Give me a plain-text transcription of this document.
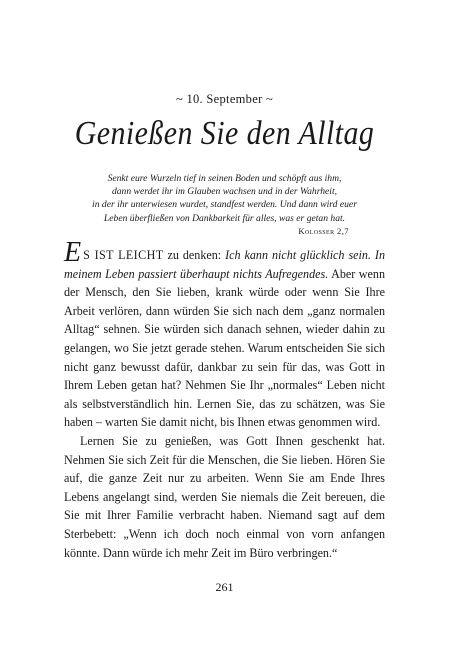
~ 10. September ~
Genießen Sie den Alltag
Senkt eure Wurzeln tief in seinen Boden und schöpft aus ihm,
dann werdet ihr im Glauben wachsen und in der Wahrheit,
in der ihr unterwiesen wurdet, standfest werden. Und dann wird euer
Leben überfließen von Dankbarkeit für alles, was er getan hat.
Kolosser 2,7

E S IST LEICHT zu denken: Ich kann nicht glücklich sein. In meinem Leben passiert überhaupt nichts Aufregendes. Aber wenn der Mensch, den Sie lieben, krank würde oder wenn Sie Ihre Arbeit verlören, dann würden Sie sich nach dem „ganz normalen Alltag“ sehnen. Sie würden sich danach sehnen, wieder dahin zu gelangen, wo Sie jetzt gerade stehen. Warum entscheiden Sie sich nicht ganz bewusst dafür, dankbar zu sein für das, was Gott in Ihrem Leben getan hat? Nehmen Sie Ihr „normales“ Leben nicht als selbstverständlich hin. Lernen Sie, das zu schätzen, was Sie haben – warten Sie damit nicht, bis Ihnen etwas genommen wird.

Lernen Sie zu genießen, was Gott Ihnen geschenkt hat. Nehmen Sie sich Zeit für die Menschen, die Sie lieben. Hören Sie auf, die ganze Zeit nur zu arbeiten. Wenn Sie am Ende Ihres Lebens angelangt sind, werden Sie niemals die Zeit bereuen, die Sie mit Ihrer Familie verbracht haben. Niemand sagt auf dem Sterbebett: „Wenn ich doch noch einmal von vorn anfangen könnte. Dann würde ich mehr Zeit im Büro verbringen.“

261
